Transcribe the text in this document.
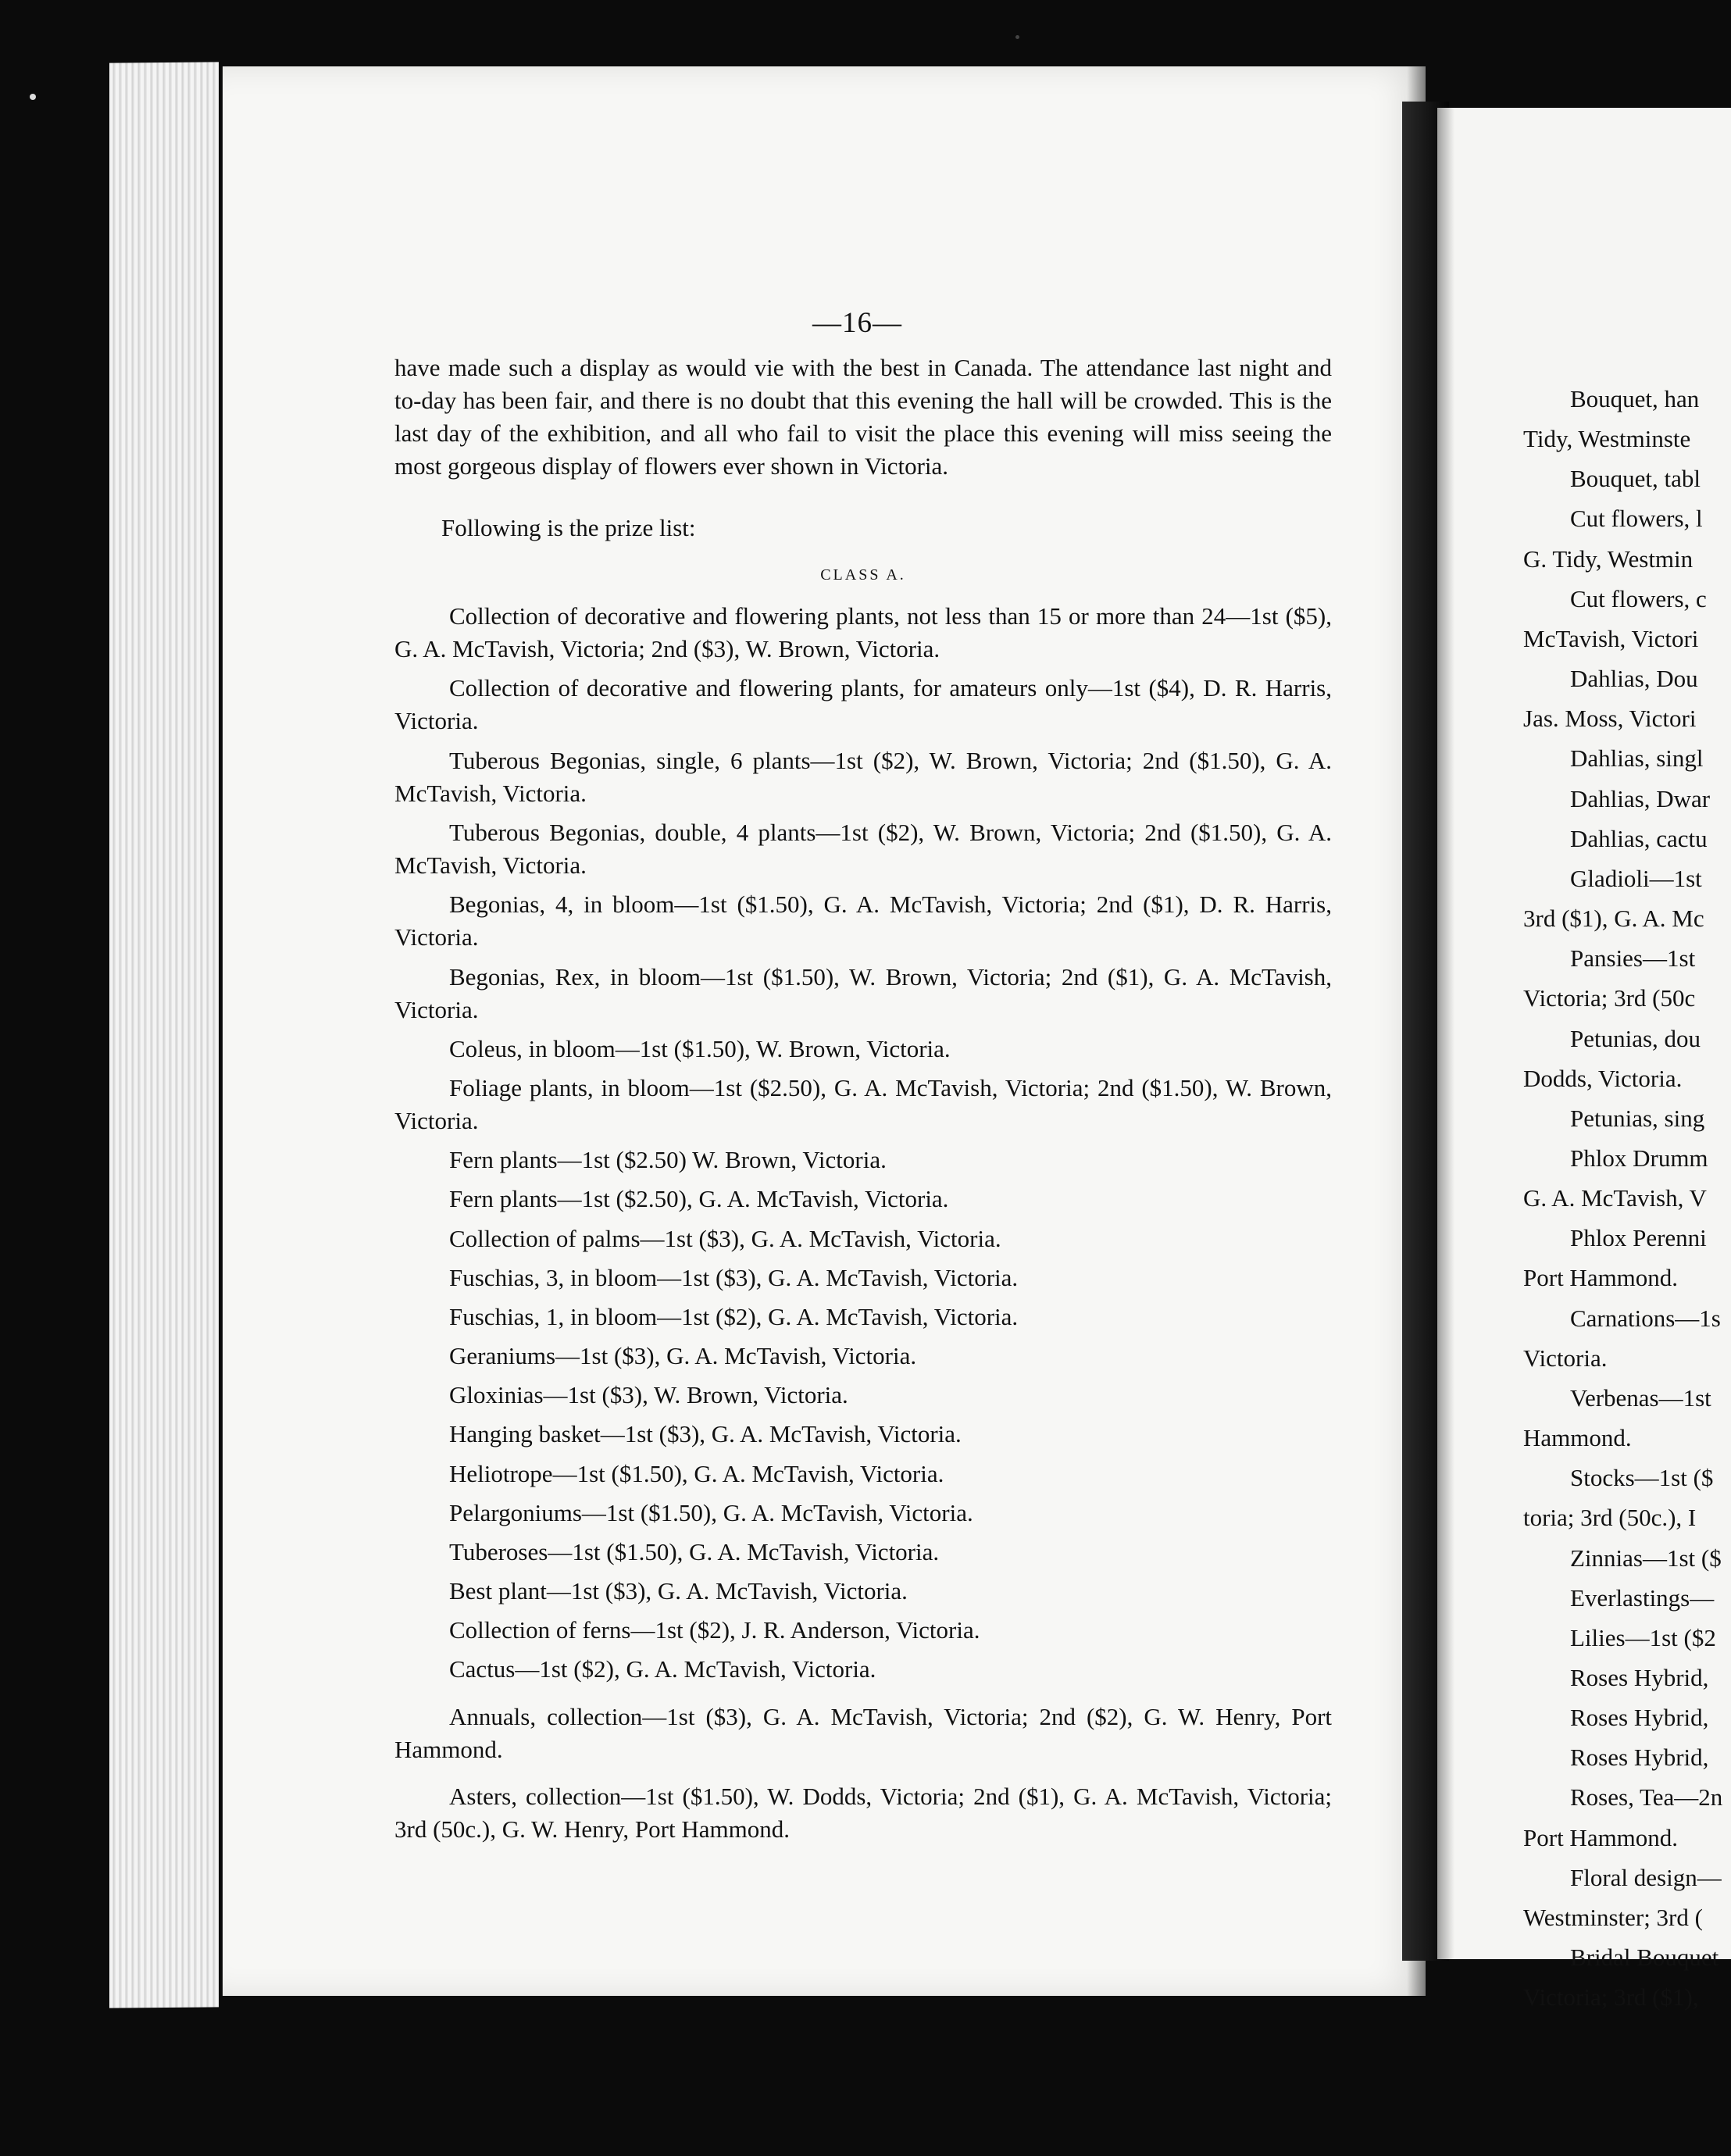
—16—

have made such a display as would vie with the best in Canada. The attendance last night and to-day has been fair, and there is no doubt that this evening the hall will be crowded. This is the last day of the exhibition, and all who fail to visit the place this evening will miss seeing the most gorgeous display of flowers ever shown in Victoria.

Following is the prize list:

CLASS A.

Collection of decorative and flowering plants, not less than 15 or more than 24—1st ($5), G. A. McTavish, Victoria; 2nd ($3), W. Brown, Victoria.

Collection of decorative and flowering plants, for amateurs only—1st ($4), D. R. Harris, Victoria.

Tuberous Begonias, single, 6 plants—1st ($2), W. Brown, Victoria; 2nd ($1.50), G. A. McTavish, Victoria.

Tuberous Begonias, double, 4 plants—1st ($2), W. Brown, Victoria; 2nd ($1.50), G. A. McTavish, Victoria.

Begonias, 4, in bloom—1st ($1.50), G. A. McTavish, Victoria; 2nd ($1), D. R. Harris, Victoria.

Begonias, Rex, in bloom—1st ($1.50), W. Brown, Victoria; 2nd ($1), G. A. McTavish, Victoria.

Coleus, in bloom—1st ($1.50), W. Brown, Victoria.

Foliage plants, in bloom—1st ($2.50), G. A. McTavish, Victoria; 2nd ($1.50), W. Brown, Victoria.

Fern plants—1st ($2.50) W. Brown, Victoria.

Fern plants—1st ($2.50), G. A. McTavish, Victoria.

Collection of palms—1st ($3), G. A. McTavish, Victoria.

Fuschias, 3, in bloom—1st ($3), G. A. McTavish, Victoria.

Fuschias, 1, in bloom—1st ($2), G. A. McTavish, Victoria.

Geraniums—1st ($3), G. A. McTavish, Victoria.

Gloxinias—1st ($3), W. Brown, Victoria.

Hanging basket—1st ($3), G. A. McTavish, Victoria.

Heliotrope—1st ($1.50), G. A. McTavish, Victoria.

Pelargoniums—1st ($1.50), G. A. McTavish, Victoria.

Tuberoses—1st ($1.50), G. A. McTavish, Victoria.

Best plant—1st ($3), G. A. McTavish, Victoria.

Collection of ferns—1st ($2), J. R. Anderson, Victoria.

Cactus—1st ($2), G. A. McTavish, Victoria.

Annuals, collection—1st ($3), G. A. McTavish, Victoria; 2nd ($2), G. W. Henry, Port Hammond.

Asters, collection—1st ($1.50), W. Dodds, Victoria; 2nd ($1), G. A. McTavish, Victoria; 3rd (50c.), G. W. Henry, Port Hammond.

Bouquet, han

Tidy, Westminste

Bouquet, tabl

Cut flowers, l

G. Tidy, Westmin

Cut flowers, c

McTavish, Victori

Dahlias, Dou

Jas. Moss, Victori

Dahlias, singl

Dahlias, Dwar

Dahlias, cactu

Gladioli—1st

3rd ($1), G. A. Mc

Pansies—1st

Victoria; 3rd (50c

Petunias, dou

Dodds, Victoria.

Petunias, sing

Phlox Drumm

G. A. McTavish, V

Phlox Perenni

Port Hammond.

Carnations—1s

Victoria.

Verbenas—1st

Hammond.

Stocks—1st ($

toria; 3rd (50c.), I

Zinnias—1st ($

Everlastings—

Lilies—1st ($2

Roses Hybrid,

Roses Hybrid,

Roses Hybrid,

Roses, Tea—2n

Port Hammond.

Floral design—

Westminster; 3rd (

Bridal Bouquet

Victoria; 3rd ($1),
